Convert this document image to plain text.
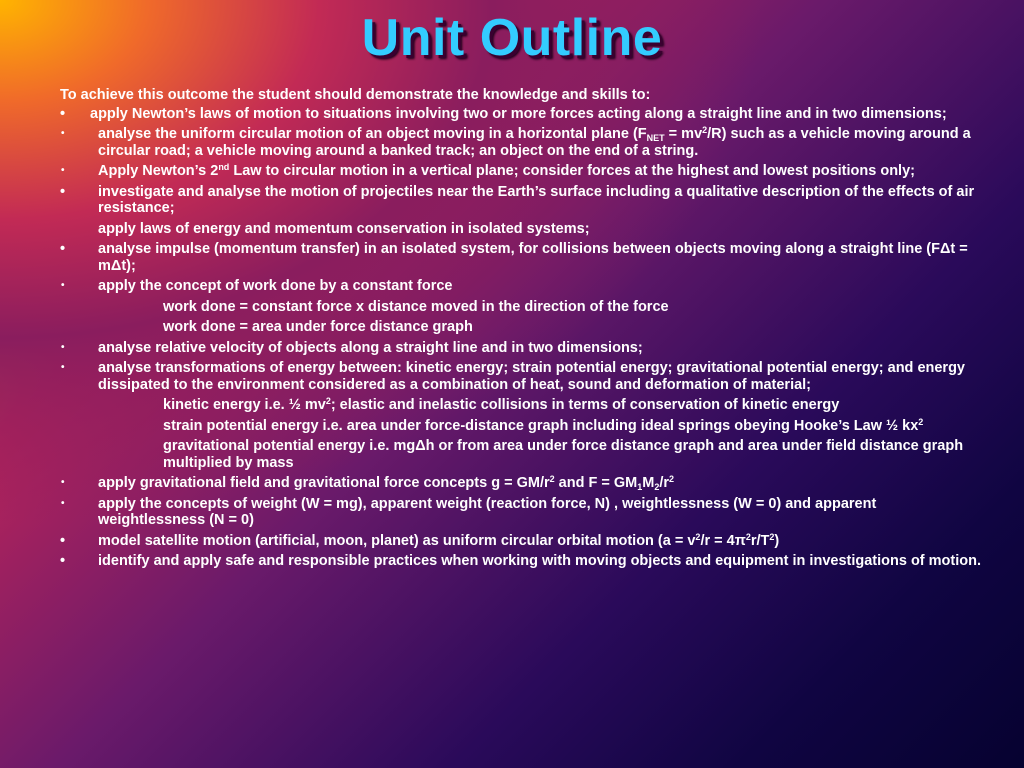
Unit Outline

To achieve this outcome the student should demonstrate the knowledge and skills to:

•	apply Newton’s laws of motion to situations involving two or more forces acting along a straight line and in two dimensions;
•	analyse the uniform circular motion of an object moving in a horizontal plane $(F_{NET} = mv^2/R)$ such as a vehicle moving around a circular road; a vehicle moving around a banked track; an object on the end of a string.
•	Apply Newton’s 2nd Law to circular motion in a vertical plane; consider forces at the highest and lowest positions only;
•	investigate and analyse the motion of projectiles near the Earth’s surface including a qualitative description of the effects of air resistance;
apply laws of energy and momentum conservation in isolated systems;
•	analyse impulse (momentum transfer) in an isolated system, for collisions between objects moving along a straight line (FΔt = mΔt);
•	apply the concept of work done by a constant force
work done = constant force x distance moved in the direction of the force
work done = area under force distance graph
•	analyse relative velocity of objects along a straight line and in two dimensions;
•	analyse transformations of energy between: kinetic energy; strain potential energy; gravitational potential energy; and energy dissipated to the environment considered as a combination of heat, sound and deformation of material;
kinetic energy i.e. ½ $mv^2$; elastic and inelastic collisions in terms of conservation of kinetic energy
strain potential energy i.e. area under force-distance graph including ideal springs obeying Hooke’s Law ½ $kx^2$
gravitational potential energy i.e. mgΔh or from area under force distance graph and area under field distance graph multiplied by mass
•	apply gravitational field and gravitational force concepts $g = GM/r^2$ and $F = GM_1M_2/r^2$
•	apply the concepts of weight (W = mg), apparent weight (reaction force, N) , weightlessness (W = 0) and apparent weightlessness (N = 0)
•	model satellite motion (artificial, moon, planet) as uniform circular orbital motion $(a = v^2/r = 4\pi^2r/T^2)$
•	identify and apply safe and responsible practices when working with moving objects and equipment in investigations of motion.
